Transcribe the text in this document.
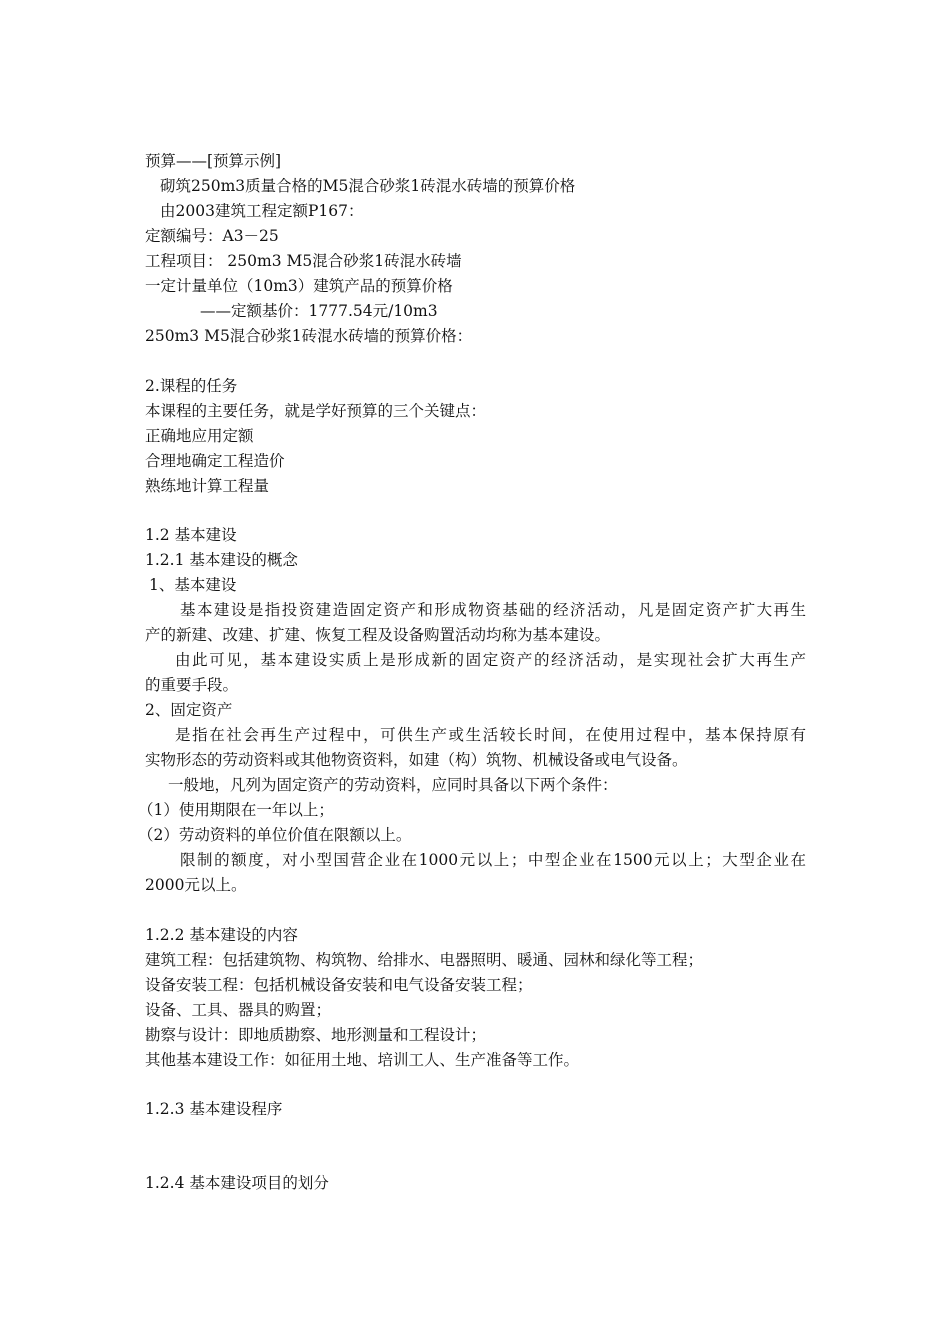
预算——[预算示例]
砌筑250m3质量合格的M5混合砂浆1砖混水砖墙的预算价格
由2003建筑工程定额P167：
定额编号：A3－25
工程项目： 250m3 M5混合砂浆1砖混水砖墙
一定计量单位（10m3）建筑产品的预算价格
——定额基价：1777.54元/10m3
250m3 M5混合砂浆1砖混水砖墙的预算价格：
2.课程的任务
本课程的主要任务，就是学好预算的三个关键点：
正确地应用定额
合理地确定工程造价
熟练地计算工程量
1.2 基本建设
1.2.1 基本建设的概念
1、基本建设
基本建设是指投资建造固定资产和形成物资基础的经济活动，凡是固定资产扩大再生
产的新建、改建、扩建、恢复工程及设备购置活动均称为基本建设。
由此可见，基本建设实质上是形成新的固定资产的经济活动，是实现社会扩大再生产
的重要手段。
2、固定资产
是指在社会再生产过程中，可供生产或生活较长时间，在使用过程中，基本保持原有
实物形态的劳动资料或其他物资资料，如建（构）筑物、机械设备或电气设备。
一般地，凡列为固定资产的劳动资料，应同时具备以下两个条件：
（1）使用期限在一年以上；
（2）劳动资料的单位价值在限额以上。
限制的额度，对小型国营企业在1000元以上；中型企业在1500元以上；大型企业在
2000元以上。
1.2.2 基本建设的内容
建筑工程：包括建筑物、构筑物、给排水、电器照明、暖通、园林和绿化等工程；
设备安装工程：包括机械设备安装和电气设备安装工程；
设备、工具、器具的购置；
勘察与设计：即地质勘察、地形测量和工程设计；
其他基本建设工作：如征用土地、培训工人、生产准备等工作。
1.2.3 基本建设程序
1.2.4 基本建设项目的划分
